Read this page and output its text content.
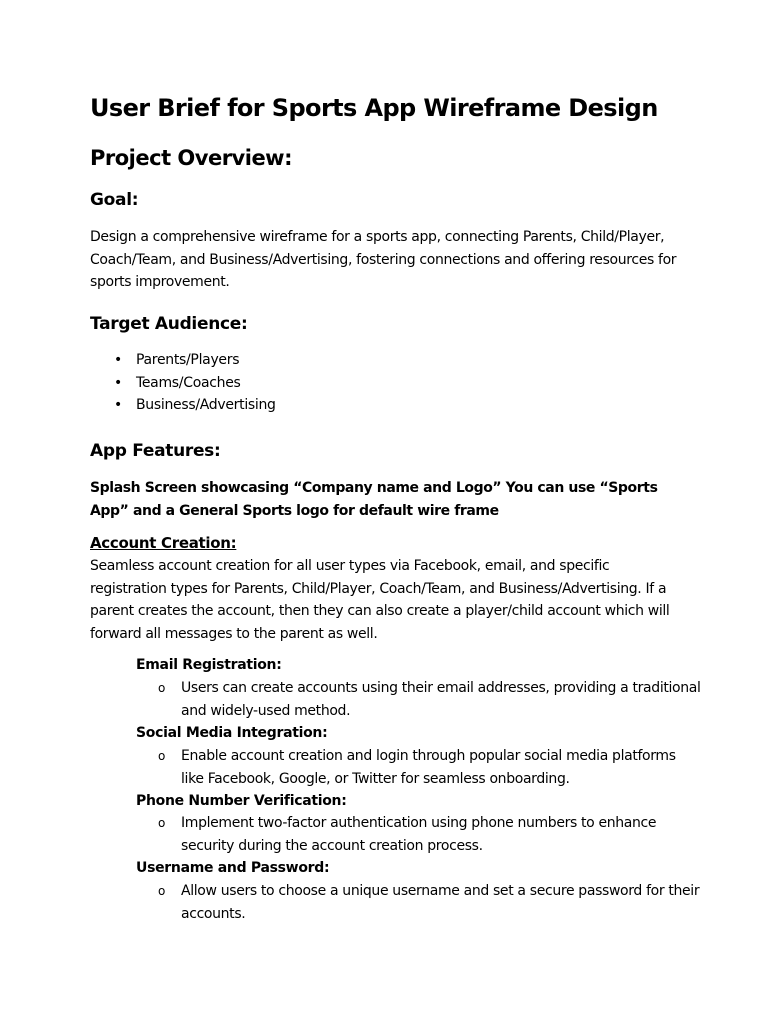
User Brief for Sports App Wireframe Design
Project Overview:
Goal:

Design a comprehensive wireframe for a sports app, connecting Parents, Child/Player, Coach/Team, and Business/Advertising, fostering connections and offering resources for sports improvement.

Target Audience:
• Parents/Players
• Teams/Coaches
• Business/Advertising
App Features:

Splash Screen showcasing “Company name and Logo” You can use “Sports App” and a General Sports logo for default wire frame

Account Creation:

Seamless account creation for all user types via Facebook, email, and specific registration types for Parents, Child/Player, Coach/Team, and Business/Advertising. If a parent creates the account, then they can also create a player/child account which will forward all messages to the parent as well.

Email Registration:

o Users can create accounts using their email addresses, providing a traditional and widely-used method.

Social Media Integration:

o Enable account creation and login through popular social media platforms like Facebook, Google, or Twitter for seamless onboarding.

Phone Number Verification:

o Implement two-factor authentication using phone numbers to enhance security during the account creation process.

Username and Password:

o Allow users to choose a unique username and set a secure password for their accounts.
